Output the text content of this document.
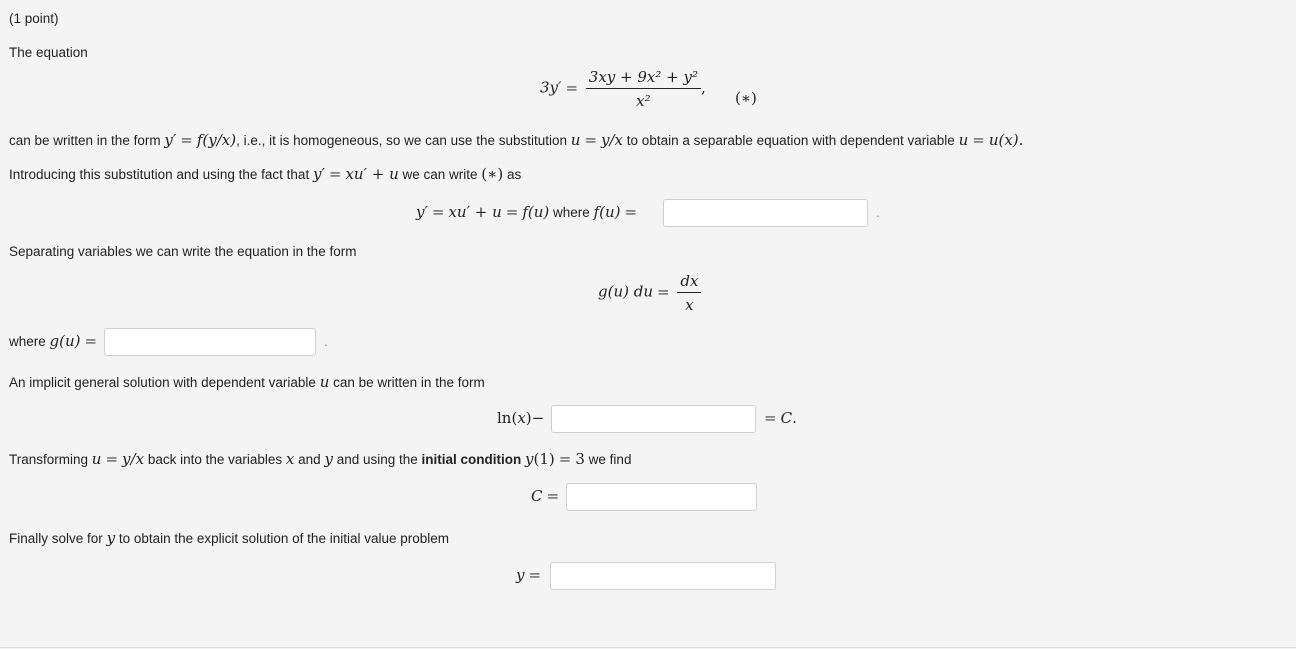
(1 point)
The equation
$3y' = \frac{\text{3xy + 9x² + y²}}{\text{x²}}$ ,
(∗)
can be written in the form y′ = f(y/x), i.e., it is homogeneous, so we can use the substitution u = y/x to obtain a separable equation with dependent variable u = u(x).
Introducing this substitution and using the fact that y′ = xu′ + u we can write (∗) as
y′ = xu′ + u = f(u) where f(u) =	.
Separating variables we can write the equation in the form
g(u) du = $\frac{dx}{x}$
where g(u) =	.
An implicit general solution with dependent variable u can be written in the form
ln(x)−	= C.
Transforming u = y/x back into the variables x and y and using the initial condition y(1) = 3 we find
C =
Finally solve for y to obtain the explicit solution of the initial value problem
y =
